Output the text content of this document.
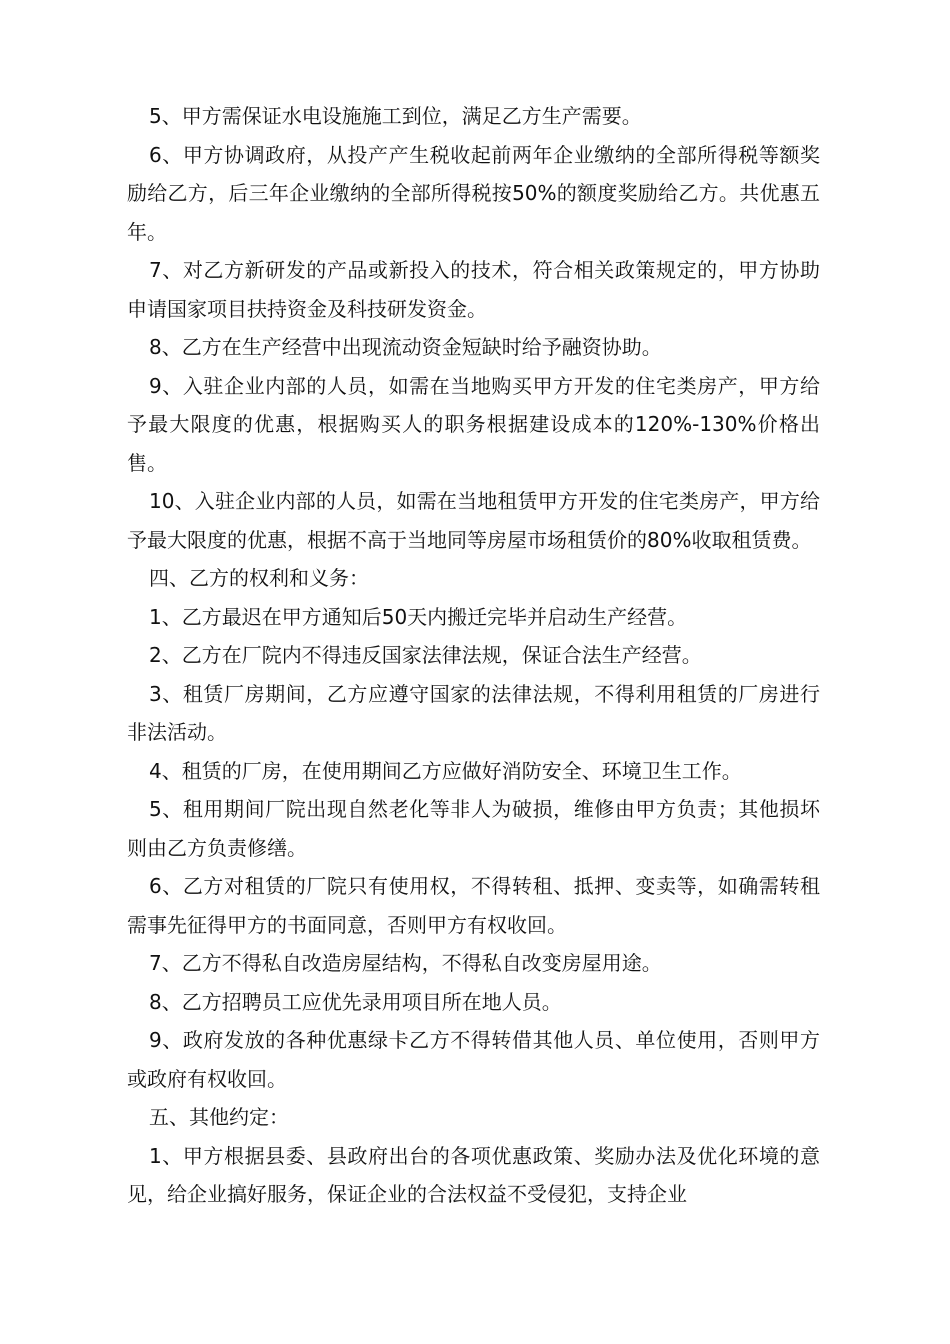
5、甲方需保证水电设施施工到位，满足乙方生产需要。

6、甲方协调政府，从投产产生税收起前两年企业缴纳的全部所得税等额奖励给乙方，后三年企业缴纳的全部所得税按50%的额度奖励给乙方。共优惠五年。

7、对乙方新研发的产品或新投入的技术，符合相关政策规定的，甲方协助申请国家项目扶持资金及科技研发资金。

8、乙方在生产经营中出现流动资金短缺时给予融资协助。

9、入驻企业内部的人员，如需在当地购买甲方开发的住宅类房产，甲方给予最大限度的优惠，根据购买人的职务根据建设成本的120%-130%价格出售。

10、入驻企业内部的人员，如需在当地租赁甲方开发的住宅类房产，甲方给予最大限度的优惠，根据不高于当地同等房屋市场租赁价的80%收取租赁费。

四、乙方的权利和义务：

1、乙方最迟在甲方通知后50天内搬迁完毕并启动生产经营。

2、乙方在厂院内不得违反国家法律法规，保证合法生产经营。

3、租赁厂房期间，乙方应遵守国家的法律法规，不得利用租赁的厂房进行非法活动。

4、租赁的厂房，在使用期间乙方应做好消防安全、环境卫生工作。

5、租用期间厂院出现自然老化等非人为破损，维修由甲方负责；其他损坏则由乙方负责修缮。

6、乙方对租赁的厂院只有使用权，不得转租、抵押、变卖等，如确需转租需事先征得甲方的书面同意，否则甲方有权收回。

7、乙方不得私自改造房屋结构，不得私自改变房屋用途。

8、乙方招聘员工应优先录用项目所在地人员。

9、政府发放的各种优惠绿卡乙方不得转借其他人员、单位使用，否则甲方或政府有权收回。

五、其他约定：

1、甲方根据县委、县政府出台的各项优惠政策、奖励办法及优化环境的意见，给企业搞好服务，保证企业的合法权益不受侵犯，支持企业
